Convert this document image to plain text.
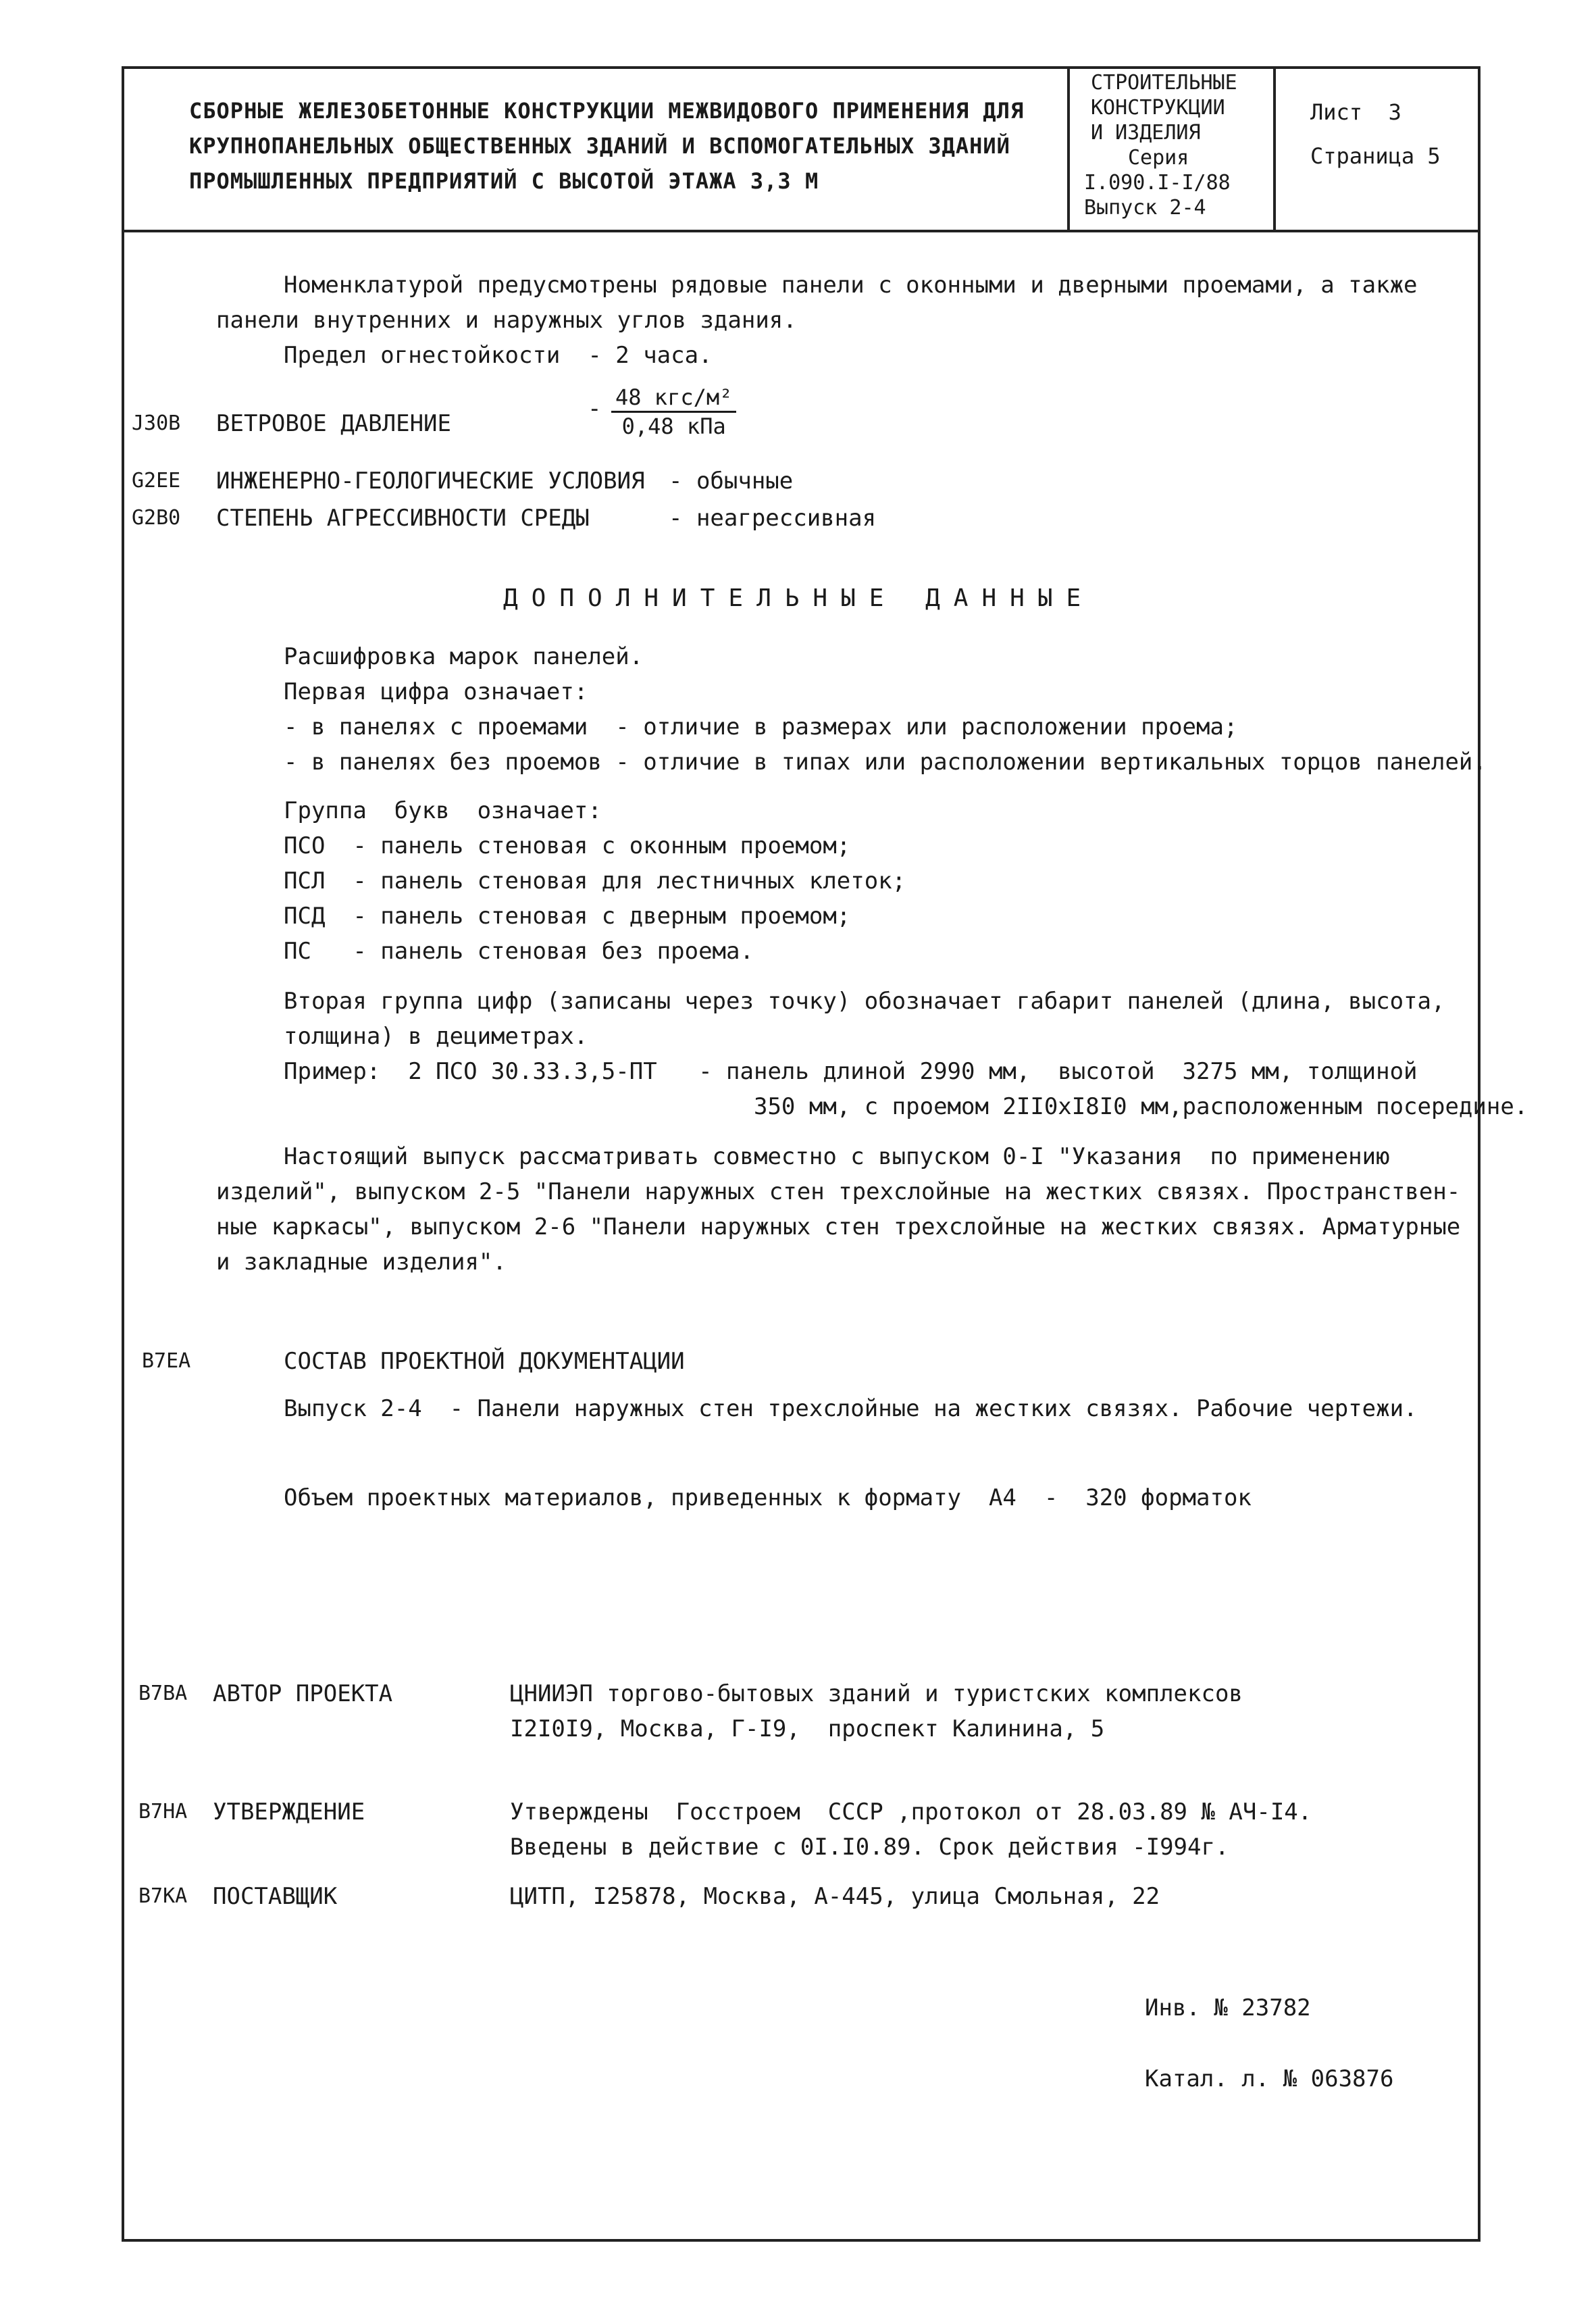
СБОРНЫЕ ЖЕЛЕЗОБЕТОННЫЕ КОНСТРУКЦИИ МЕЖВИДОВОГО ПРИМЕНЕНИЯ ДЛЯ
КРУПНОПАНЕЛЬНЫХ ОБЩЕСТВЕННЫХ ЗДАНИЙ И ВСПОМОГАТЕЛЬНЫХ ЗДАНИЙ
ПРОМЫШЛЕННЫХ ПРЕДПРИЯТИЙ С ВЫСОТОЙ ЭТАЖА 3,3 М
СТРОИТЕЛЬНЫЕ
КОНСТРУКЦИИ
И ИЗДЕЛИЯ
Серия
I.090.I-I/88
Выпуск 2-4
Лист  3
Страница 5
Номенклатурой предусмотрены рядовые панели с оконными и дверными проемами, а также
панели внутренних и наружных углов здания.
Предел огнестойкости  - 2 часа.
J30B ВЕТРОВОЕ ДАВЛЕНИЕ
- 48 кгс/м²
0,48 кПа
G2EE ИНЖЕНЕРНО-ГЕОЛОГИЧЕСКИЕ УСЛОВИЯ - обычные
G2B0 СТЕПЕНЬ АГРЕССИВНОСТИ СРЕДЫ	- неагрессивная
ДОПОЛНИТЕЛЬНЫЕ ДАННЫЕ
Расшифровка марок панелей.
Первая цифра означает:
- в панелях с проемами  - отличие в размерах или расположении проема;
- в панелях без проемов - отличие в типах или расположении вертикальных торцов панелей.
Группа  букв  означает:
ПСО  - панель стеновая с оконным проемом;
ПСЛ  - панель стеновая для лестничных клеток;
ПСД  - панель стеновая с дверным проемом;
ПС   - панель стеновая без проема.
Вторая группа цифр (записаны через точку) обозначает габарит панелей (длина, высота,
толщина) в дециметрах.
Пример:  2 ПСО 30.33.3,5-ПТ   - панель длиной 2990 мм,  высотой  3275 мм, толщиной
350 мм, с проемом 2II0xI8I0 мм,расположенным посередине.
Настоящий выпуск рассматривать совместно с выпуском 0-I "Указания  по применению
изделий", выпуском 2-5 "Панели наружных стен трехслойные на жестких связях. Пространствен-
ные каркасы", выпуском 2-6 "Панели наружных стен трехслойные на жестких связях. Арматурные
и закладные изделия".
B7EA	СОСТАВ ПРОЕКТНОЙ ДОКУМЕНТАЦИИ
Выпуск 2-4  - Панели наружных стен трехслойные на жестких связях. Рабочие чертежи.
Объем проектных материалов, приведенных к формату  А4  -  320 форматок
B7BA АВТОР ПРОЕКТА	ЦНИИЭП торгово-бытовых зданий и туристских комплексов
I2I0I9, Москва, Г-I9,  проспект Калинина, 5
B7HA УТВЕРЖДЕНИЕ	Утверждены  Госстроем  СССР ,протокол от 28.03.89 № АЧ-I4.
Введены в действие с 0I.I0.89. Срок действия -I994г.
B7KA ПОСТАВЩИК	ЦИТП, I25878, Москва, А-445, улица Смольная, 22
Инв. № 23782
Катал. л. № 063876
